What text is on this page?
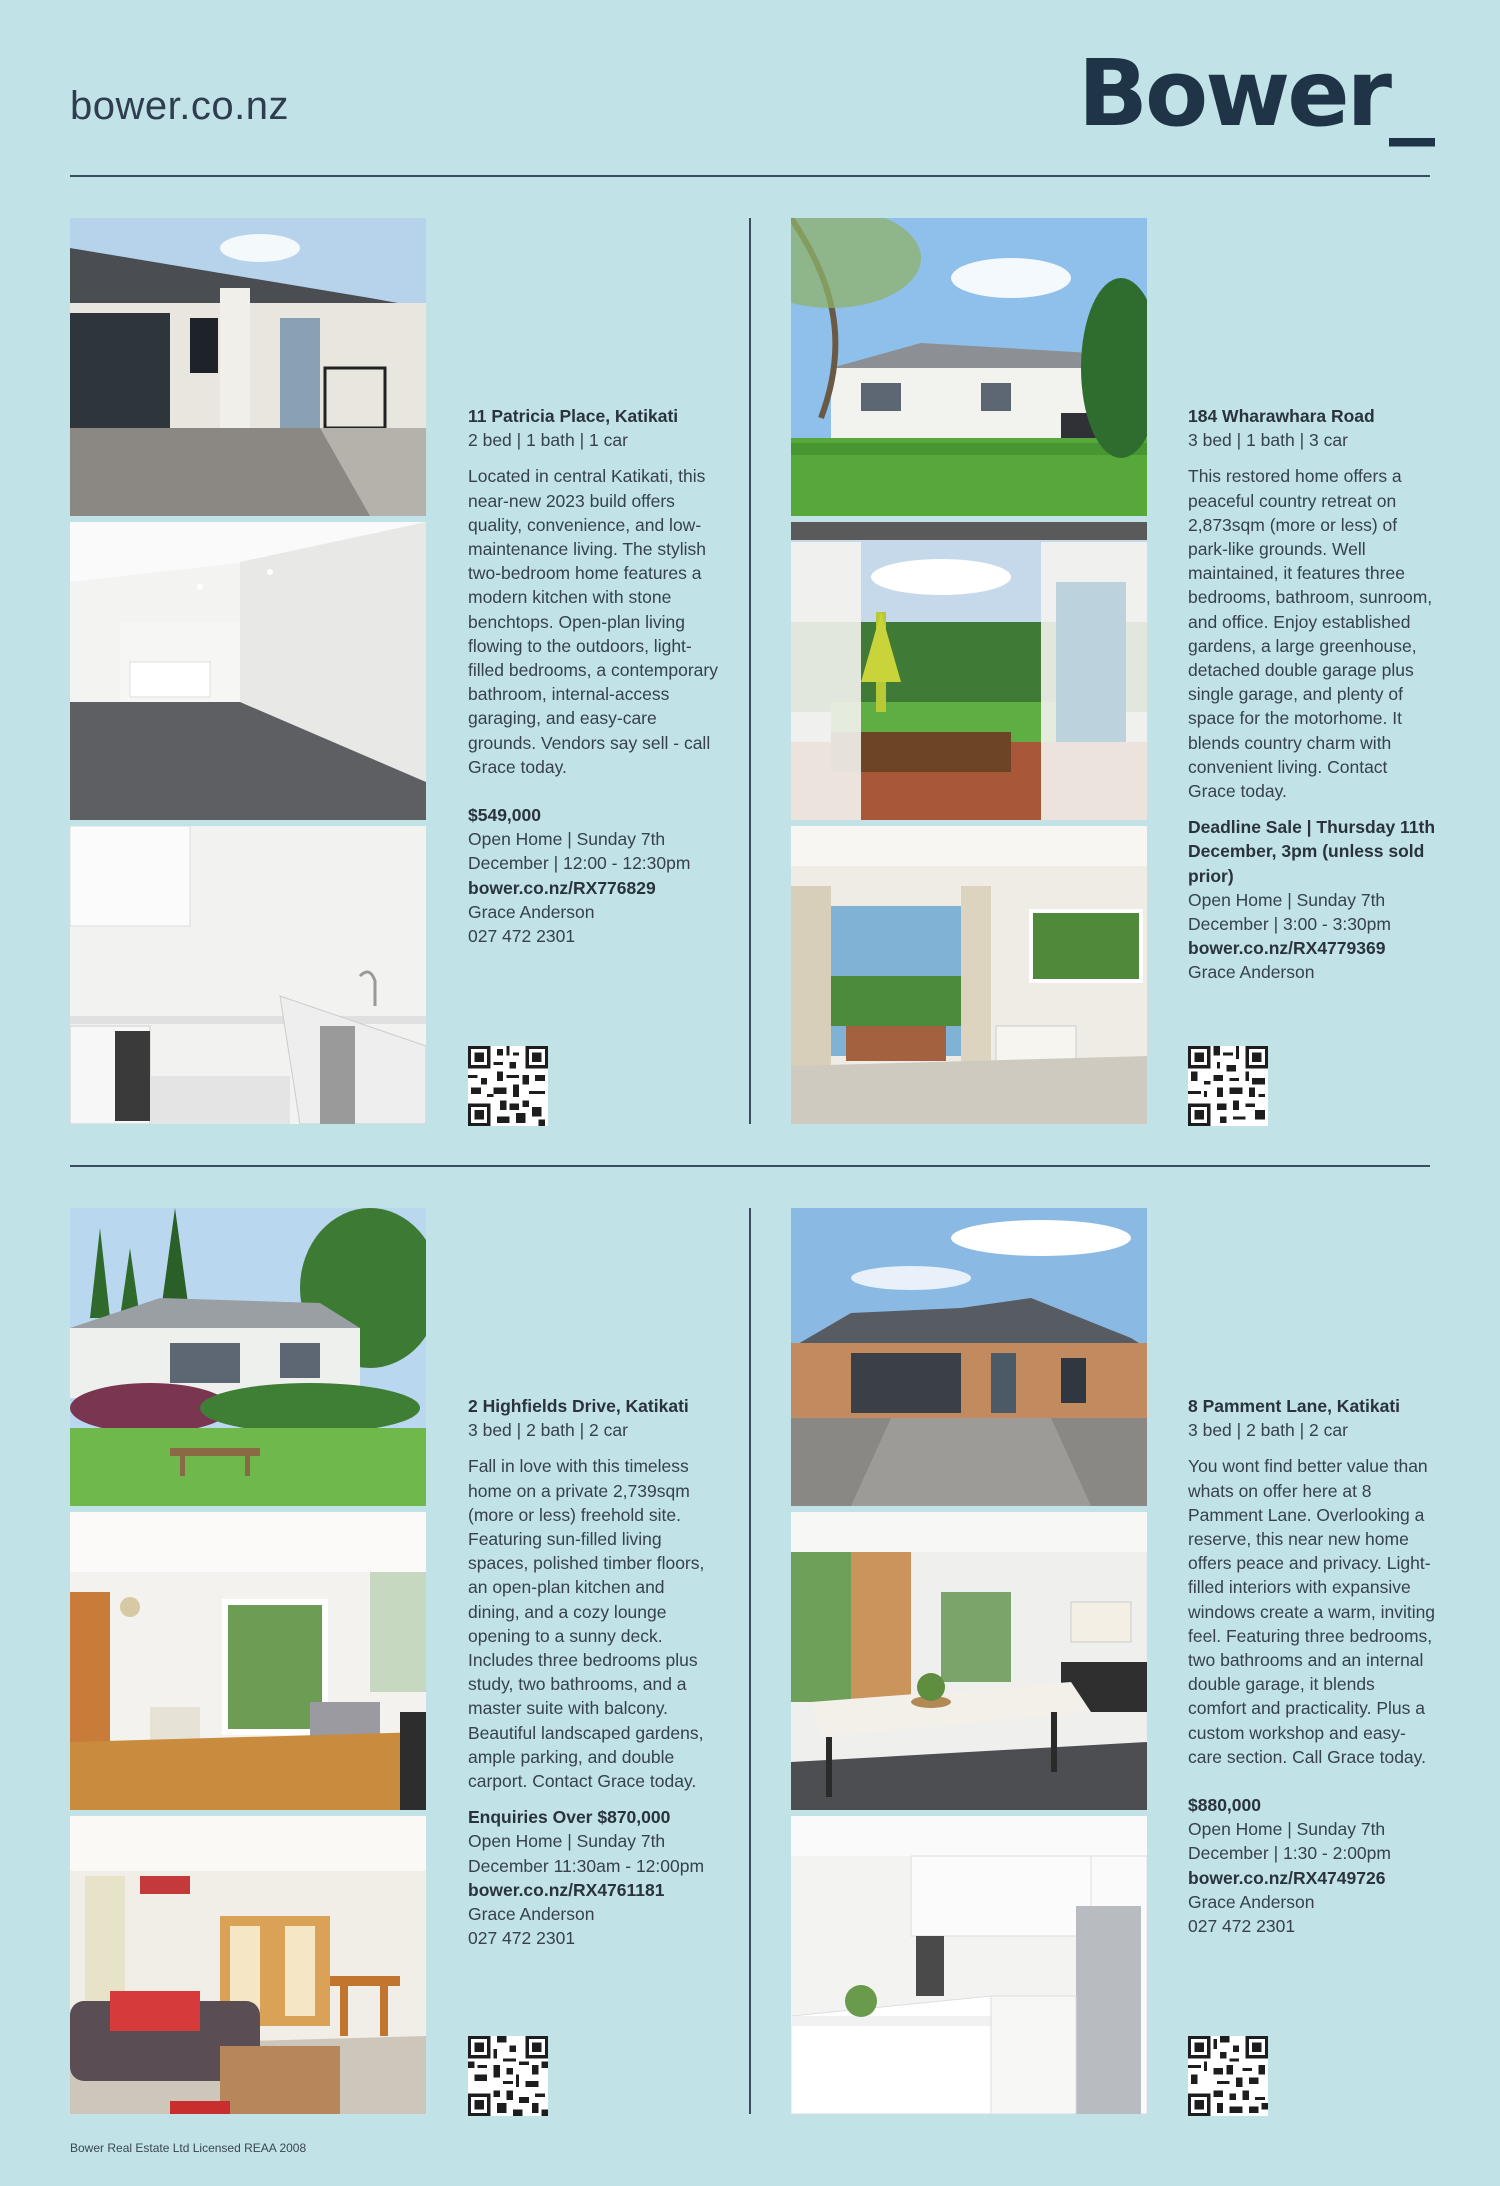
bower.co.nz	Bower_
11 Patricia Place, Katikati
2 bed | 1 bath | 1 car
Located in central Katikati, this near-new 2023 build offers quality, convenience, and low-maintenance living. The stylish two-bedroom home features a modern kitchen with stone benchtops. Open-plan living flowing to the outdoors, light-filled bedrooms, a contemporary bathroom, internal-access garaging, and easy-care grounds. Vendors say sell - call Grace today.
$549,000
Open Home | Sunday 7th December | 12:00 - 12:30pm
bower.co.nz/RX776829
Grace Anderson
027 472 2301
184 Wharawhara Road
3 bed | 1 bath | 3 car
This restored home offers a peaceful country retreat on 2,873sqm (more or less) of park-like grounds. Well maintained, it features three bedrooms, bathroom, sunroom, and office. Enjoy established gardens, a large greenhouse, detached double garage plus single garage, and plenty of space for the motorhome. It blends country charm with convenient living. Contact Grace today.
Deadline Sale | Thursday 11th December, 3pm (unless sold prior)
Open Home | Sunday 7th December | 3:00 - 3:30pm
bower.co.nz/RX4779369
Grace Anderson
2 Highfields Drive, Katikati
3 bed | 2 bath | 2 car
Fall in love with this timeless home on a private 2,739sqm (more or less) freehold site. Featuring sun-filled living spaces, polished timber floors, an open-plan kitchen and dining, and a cozy lounge opening to a sunny deck. Includes three bedrooms plus study, two bathrooms, and a master suite with balcony. Beautiful landscaped gardens, ample parking, and double carport. Contact Grace today.
Enquiries Over $870,000
Open Home | Sunday 7th December 11:30am - 12:00pm
bower.co.nz/RX4761181
Grace Anderson
027 472 2301
8 Pamment Lane, Katikati
3 bed | 2 bath | 2 car
You wont find better value than whats on offer here at 8 Pamment Lane. Overlooking a reserve, this near new home offers peace and privacy. Light-filled interiors with expansive windows create a warm, inviting feel. Featuring three bedrooms, two bathrooms and an internal double garage, it blends comfort and practicality. Plus a custom workshop and easy-care section. Call Grace today.
$880,000
Open Home | Sunday 7th December | 1:30 - 2:00pm
bower.co.nz/RX4749726
Grace Anderson
027 472 2301
Bower Real Estate Ltd Licensed REAA 2008
